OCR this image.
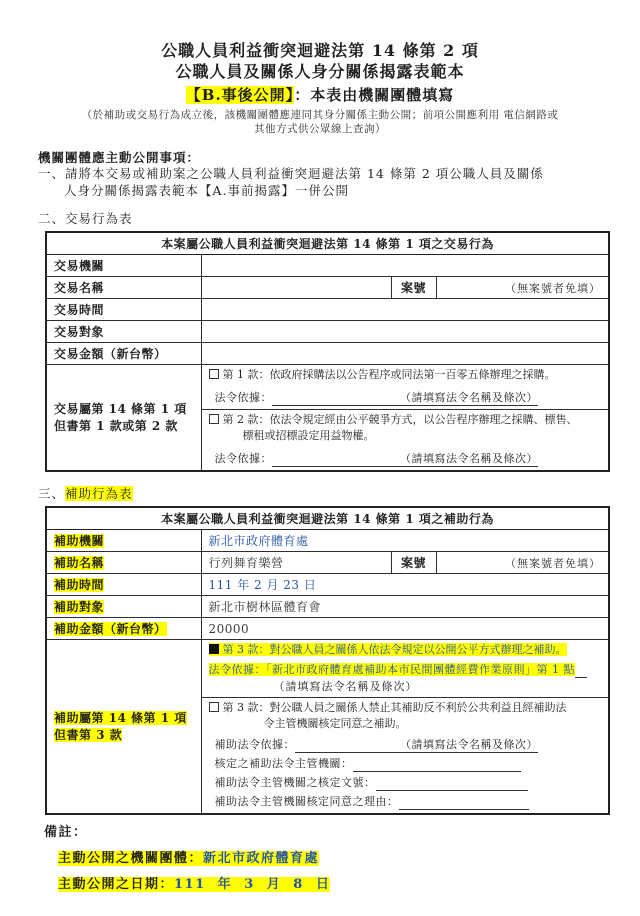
公職人員利益衝突迴避法第 14 條第 2 項
公職人員及關係人身分關係揭露表範本
【B.事後公開】：本表由機關團體填寫
（於補助或交易行為成立後，該機關團體應連同其身分關係主動公開；前項公開應利用 電信網路或
其他方式供公眾線上查詢）
機關團體應主動公開事項：
一、請將本交易或補助案之公職人員利益衝突迴避法第 14 條第 2 項公職人員及關係
人身分關係揭露表範本【A.事前揭露】一併公開
二、交易行為表
本案屬公職人員利益衝突迴避法第 14 條第 1 項之交易行為			
交易機關			
交易名稱		案號	（無案號者免填）
交易時間			
交易對象			
交易金額（新台幣）			

交易屬第 14 條第 1 項
但書第 1 款或第 2 款

第 1 款：依政府採購法以公告程序或同法第一百零五條辦理之採購。
法令依據：	（請填寫法令名稱及條次）

	第 2 款：依法令規定經由公平競爭方式，以公告程序辦理之採購、標售、
標租或招標設定用益物權。
法令依據： （請填寫法令名稱及條次）		
三、補助行為表
本案屬公職人員利益衝突迴避法第 14 條第 1 項之補助行為			
補助機關	新北市政府體育處		
補助名稱	行列舞育樂營	案號	（無案號者免填）
補助時間	111 年 2 月 23 日		
補助對象	新北市樹林區體育會		
補助金額（新台幣）	20000		

補助屬第 14 條第 1 項
但書第 3 款

第 3 款：對公職人員之關係人依法令規定以公開公平方式辦理之補助。
法令依據：「新北市政府體育處補助本市民間團體經費作業原則」第 1 點
（請填寫法令名稱及條次）

第 3 款：對公職人員之關係人禁止其補助反不利於公共利益且經補助法
令主管機關核定同意之補助。
補助法令依據：	（請填寫法令名稱及條次）
核定之補助法令主管機關：
補助法令主管機關之核定文號：
補助法令主管機關核定同意之理由：
備註：
主動公開之機關團體：新北市政府體育處
主動公開之日期：111 年 3 月 8 日
